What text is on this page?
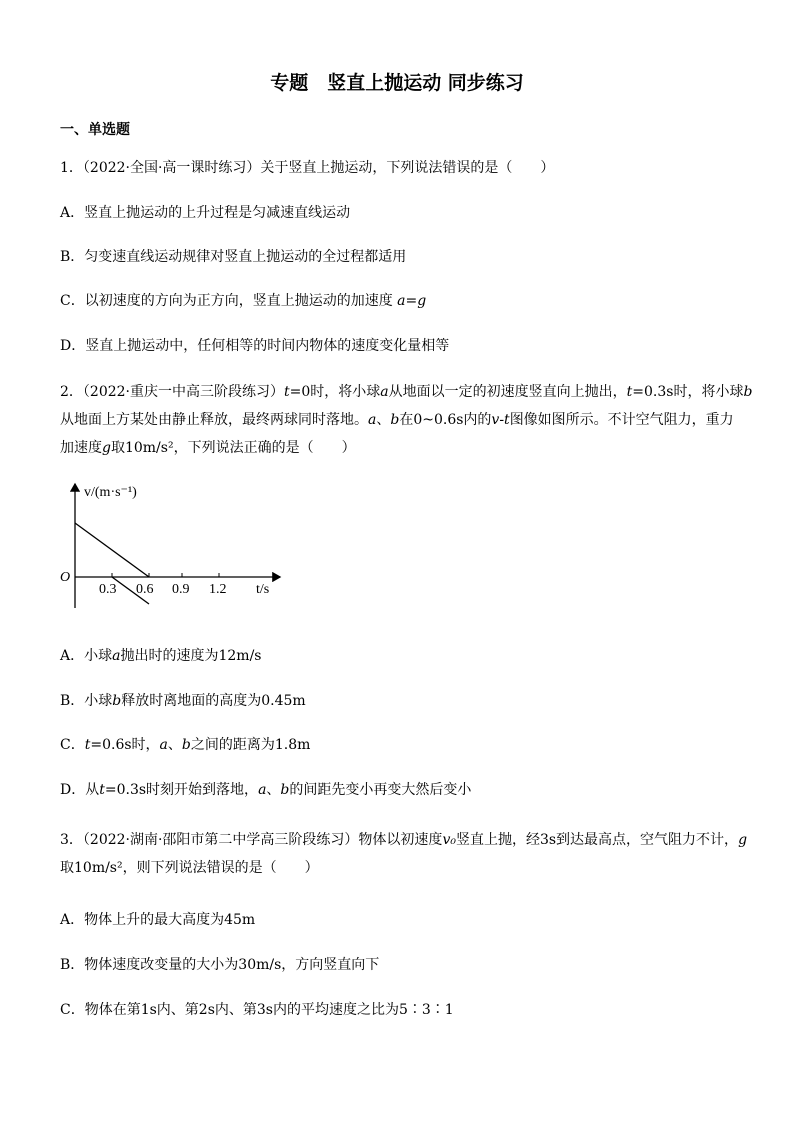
专题　竖直上抛运动 同步练习
一、单选题
1．（2022·全国·高一课时练习）关于竖直上抛运动，下列说法错误的是（　　）
A．竖直上抛运动的上升过程是匀减速直线运动
B．匀变速直线运动规律对竖直上抛运动的全过程都适用
C．以初速度的方向为正方向，竖直上抛运动的加速度 a=g
D．竖直上抛运动中，任何相等的时间内物体的速度变化量相等
2．（2022·重庆一中高三阶段练习）t=0时，将小球a从地面以一定的初速度竖直向上抛出，t=0.3s时，将小球b
从地面上方某处由静止释放，最终两球同时落地。a、b在0~0.6s内的v-t图像如图所示。不计空气阻力，重力
加速度g取10m/s²，下列说法正确的是（　　）
v/(m·s⁻¹)
O
t/s
0.3 0.6 0.9 1.2
A．小球a抛出时的速度为12m/s
B．小球b释放时离地面的高度为0.45m
C．t=0.6s时，a、b之间的距离为1.8m
D．从t=0.3s时刻开始到落地，a、b的间距先变小再变大然后变小
3．（2022·湖南·邵阳市第二中学高三阶段练习）物体以初速度v₀竖直上抛，经3s到达最高点，空气阻力不计，g
取10m/s²，则下列说法错误的是（　　）
A．物体上升的最大高度为45m
B．物体速度改变量的大小为30m/s，方向竖直向下
C．物体在第1s内、第2s内、第3s内的平均速度之比为5∶3∶1
